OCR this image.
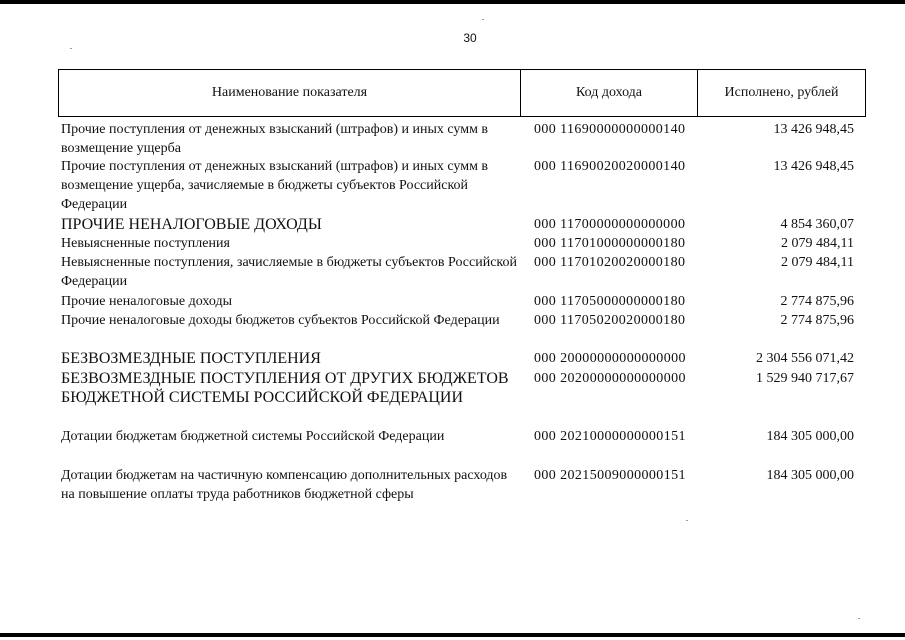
30
Наименование показателя	Код дохода	Исполнено, рублей
Прочие поступления от денежных взысканий (штрафов) и иных сумм в возмещение ущерба
000 11690000000000140	13 426 948,45
Прочие поступления от денежных взысканий (штрафов) и иных сумм в возмещение ущерба, зачисляемые в бюджеты субъектов Российской Федерации
000 11690020020000140	13 426 948,45
ПРОЧИЕ НЕНАЛОГОВЫЕ ДОХОДЫ	000 11700000000000000	4 854 360,07
Невыясненные поступления	000 11701000000000180	2 079 484,11
Невыясненные поступления, зачисляемые в бюджеты субъектов Российской Федерации
000 11701020020000180	2 079 484,11
Прочие неналоговые доходы	000 11705000000000180	2 774 875,96
Прочие неналоговые доходы бюджетов субъектов Российской Федерации	000 11705020020000180	2 774 875,96
БЕЗВОЗМЕЗДНЫЕ ПОСТУПЛЕНИЯ	000 20000000000000000	2 304 556 071,42
БЕЗВОЗМЕЗДНЫЕ ПОСТУПЛЕНИЯ ОТ ДРУГИХ БЮДЖЕТОВ БЮДЖЕТНОЙ СИСТЕМЫ РОССИЙСКОЙ ФЕДЕРАЦИИ
000 20200000000000000	1 529 940 717,67
Дотации бюджетам бюджетной системы Российской Федерации	000 20210000000000151	184 305 000,00
Дотации бюджетам на частичную компенсацию дополнительных расходов на повышение оплаты труда работников бюджетной сферы
000 20215009000000151	184 305 000,00
